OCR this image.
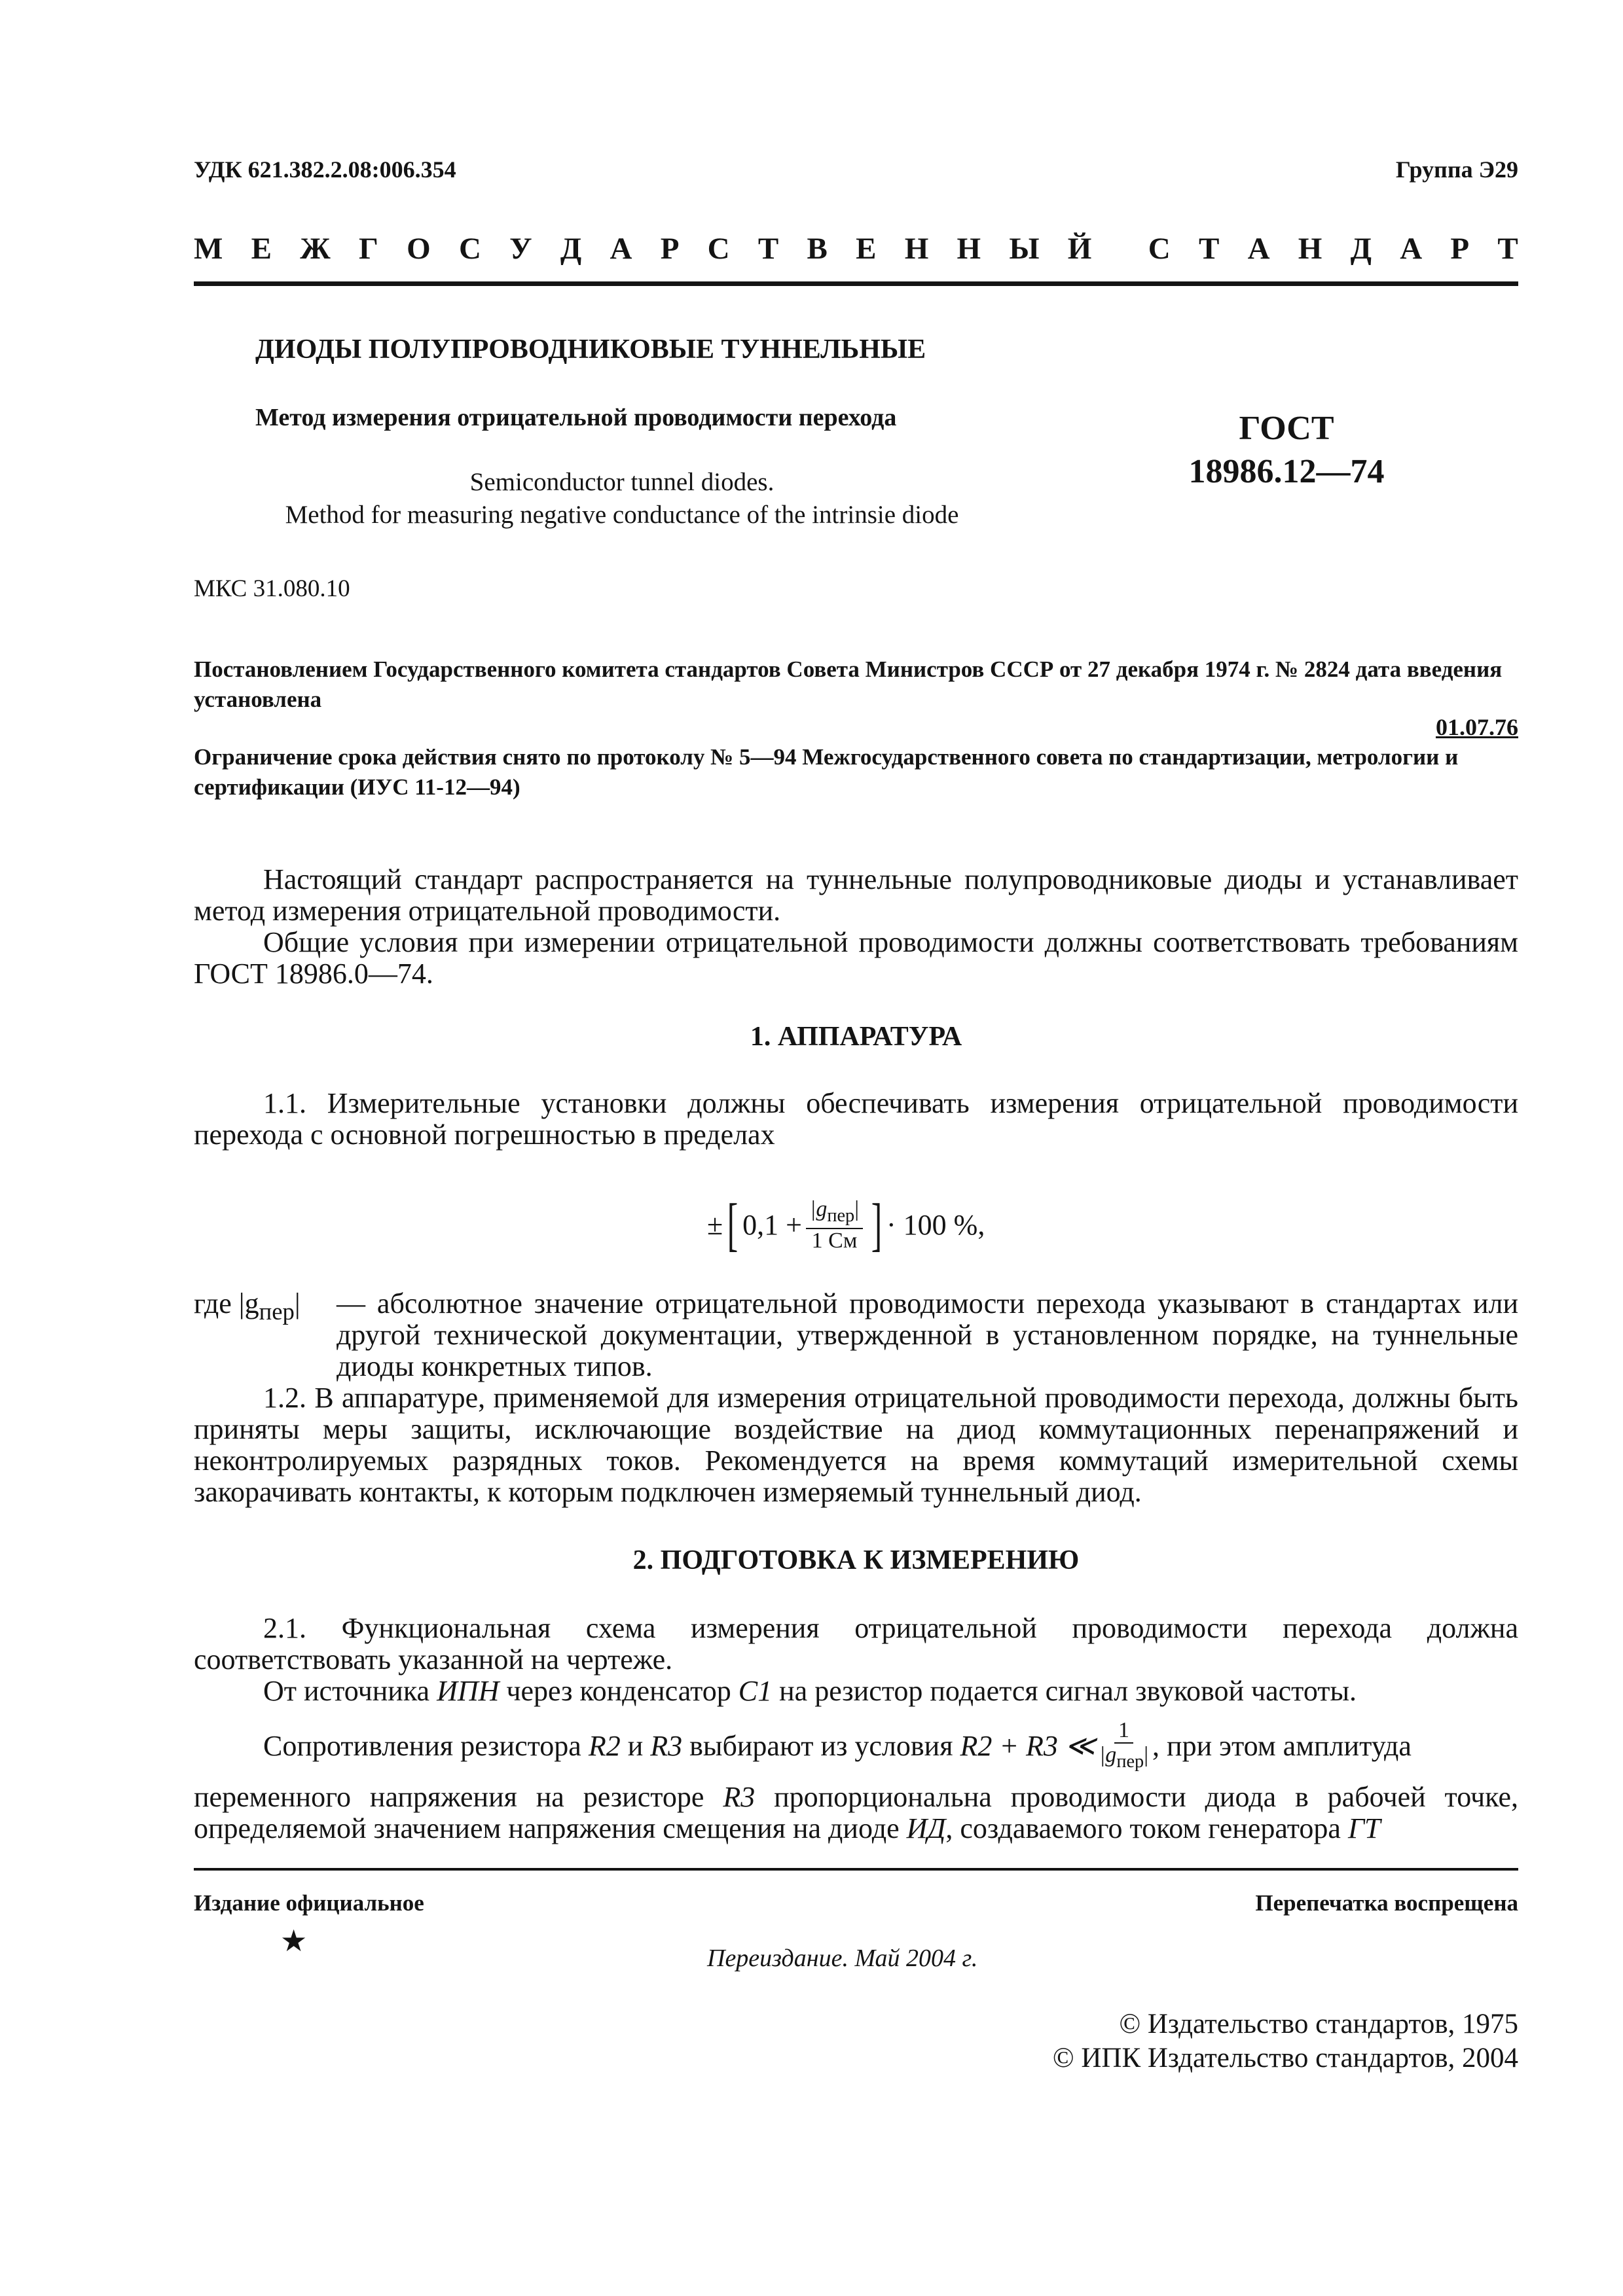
УДК 621.382.2.08:006.354	Группа Э29
М Е Ж Г О С У Д А Р С Т В Е Н Н Ы Й С Т А Н Д А Р Т
ДИОДЫ ПОЛУПРОВОДНИКОВЫЕ ТУННЕЛЬНЫЕ
Метод измерения отрицательной проводимости перехода	ГОСТ
18986.12—74
Semiconductor tunnel diodes.
Method for measuring negative conductance of the intrinsie diode
МКС 31.080.10
Постановлением Государственного комитета стандартов Совета Министров СССР от 27 декабря 1974 г. № 2824 дата введения установлена
01.07.76
Ограничение срока действия снято по протоколу № 5—94 Межгосударственного совета по стандартизации, метрологии и сертификации (ИУС 11-12—94)
Настоящий стандарт распространяется на туннельные полупроводниковые диоды и устанавливает метод измерения отрицательной проводимости.
Общие условия при измерении отрицательной проводимости должны соответствовать требованиям ГОСТ 18986.0—74.
1. АППАРАТУРА
1.1. Измерительные установки должны обеспечивать измерения отрицательной проводимости перехода с основной погрешностью в пределах
± [ $0,1 + \frac{|g_{пер}|}{1 См}$ ] · 100 %,
где $|g_{пер}|$ — абсолютное значение отрицательной проводимости перехода указывают в стандартах или другой технической документации, утвержденной в установленном порядке, на туннельные диоды конкретных типов.
1.2. В аппаратуре, применяемой для измерения отрицательной проводимости перехода, должны быть приняты меры защиты, исключающие воздействие на диод коммутационных перенапряжений и неконтролируемых разрядных токов. Рекомендуется на время коммутаций измерительной схемы закорачивать контакты, к которым подключен измеряемый туннельный диод.
2. ПОДГОТОВКА К ИЗМЕРЕНИЮ
2.1. Функциональная схема измерения отрицательной проводимости перехода должна соответствовать указанной на чертеже.
От источника ИПН через конденсатор С1 на резистор подается сигнал звуковой частоты.
Сопротивления резистора R2 и R3 выбирают из условия R2 + R3 ≪ $\frac{1}{|g_{пер}|}$ , при этом амплитуда
переменного напряжения на резисторе R3 пропорциональна проводимости диода в рабочей точке, определяемой значением напряжения смещения на диоде ИД, создаваемого током генератора ГТ
Издание официальное	Перепечатка воспрещена
★
Переиздание. Май 2004 г.
© Издательство стандартов, 1975
© ИПК Издательство стандартов, 2004
